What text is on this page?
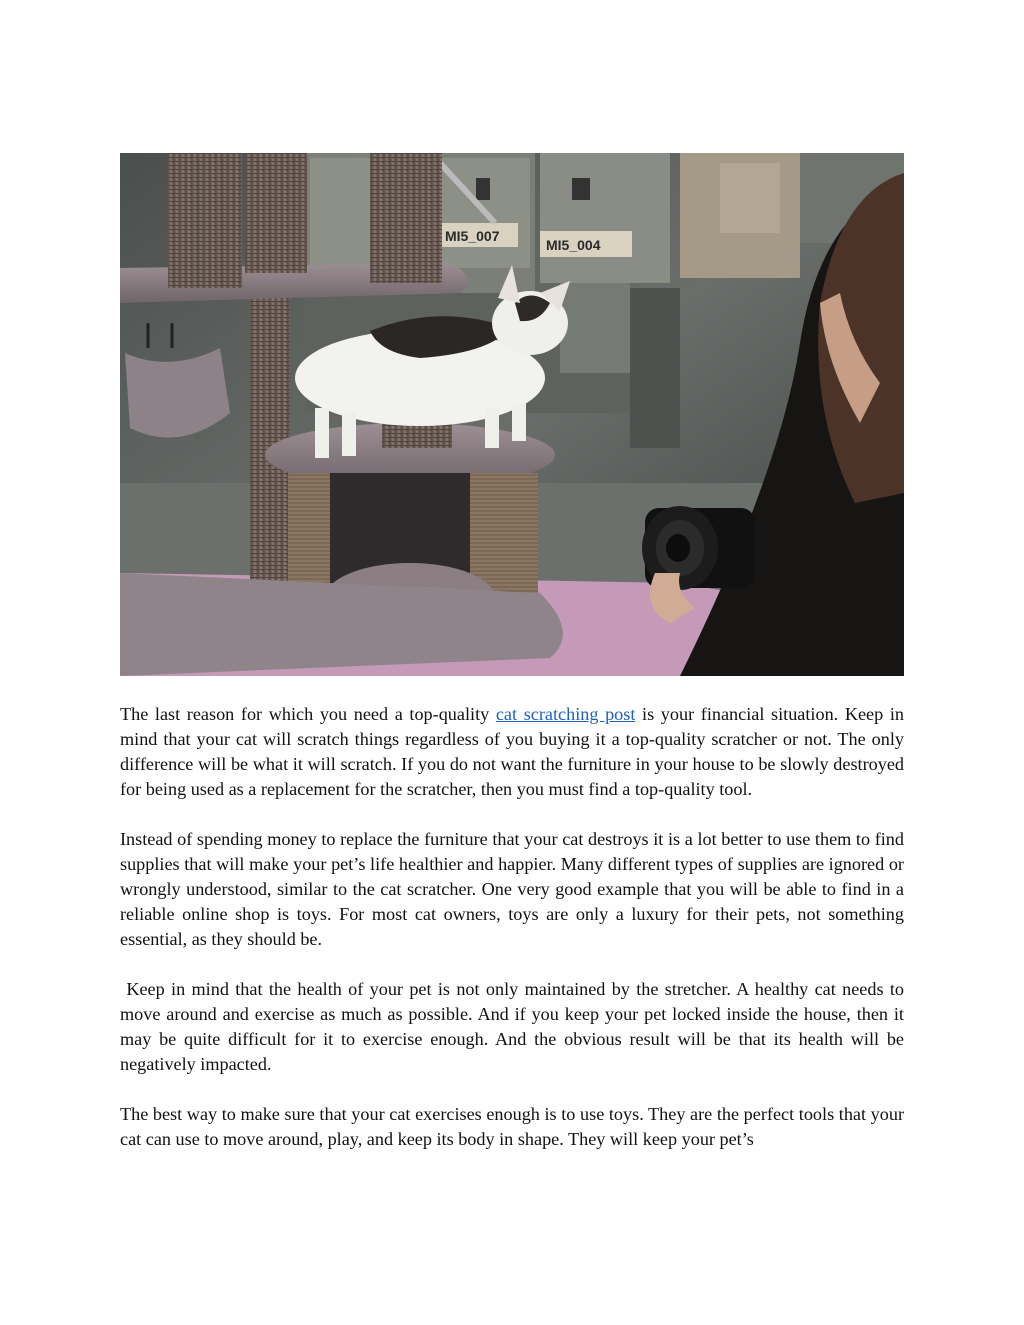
MI5_007
MI5_004

The last reason for which you need a top-quality cat scratching post is your financial situation. Keep in mind that your cat will scratch things regardless of you buying it a top-quality scratcher or not. The only difference will be what it will scratch. If you do not want the furniture in your house to be slowly destroyed for being used as a replacement for the scratcher, then you must find a top-quality tool.

Instead of spending money to replace the furniture that your cat destroys it is a lot better to use them to find supplies that will make your pet’s life healthier and happier. Many different types of supplies are ignored or wrongly understood, similar to the cat scratcher. One very good example that you will be able to find in a reliable online shop is toys. For most cat owners, toys are only a luxury for their pets, not something essential, as they should be.

Keep in mind that the health of your pet is not only maintained by the stretcher. A healthy cat needs to move around and exercise as much as possible. And if you keep your pet locked inside the house, then it may be quite difficult for it to exercise enough. And the obvious result will be that its health will be negatively impacted.

The best way to make sure that your cat exercises enough is to use toys. They are the perfect tools that your cat can use to move around, play, and keep its body in shape. They will keep your pet’s
